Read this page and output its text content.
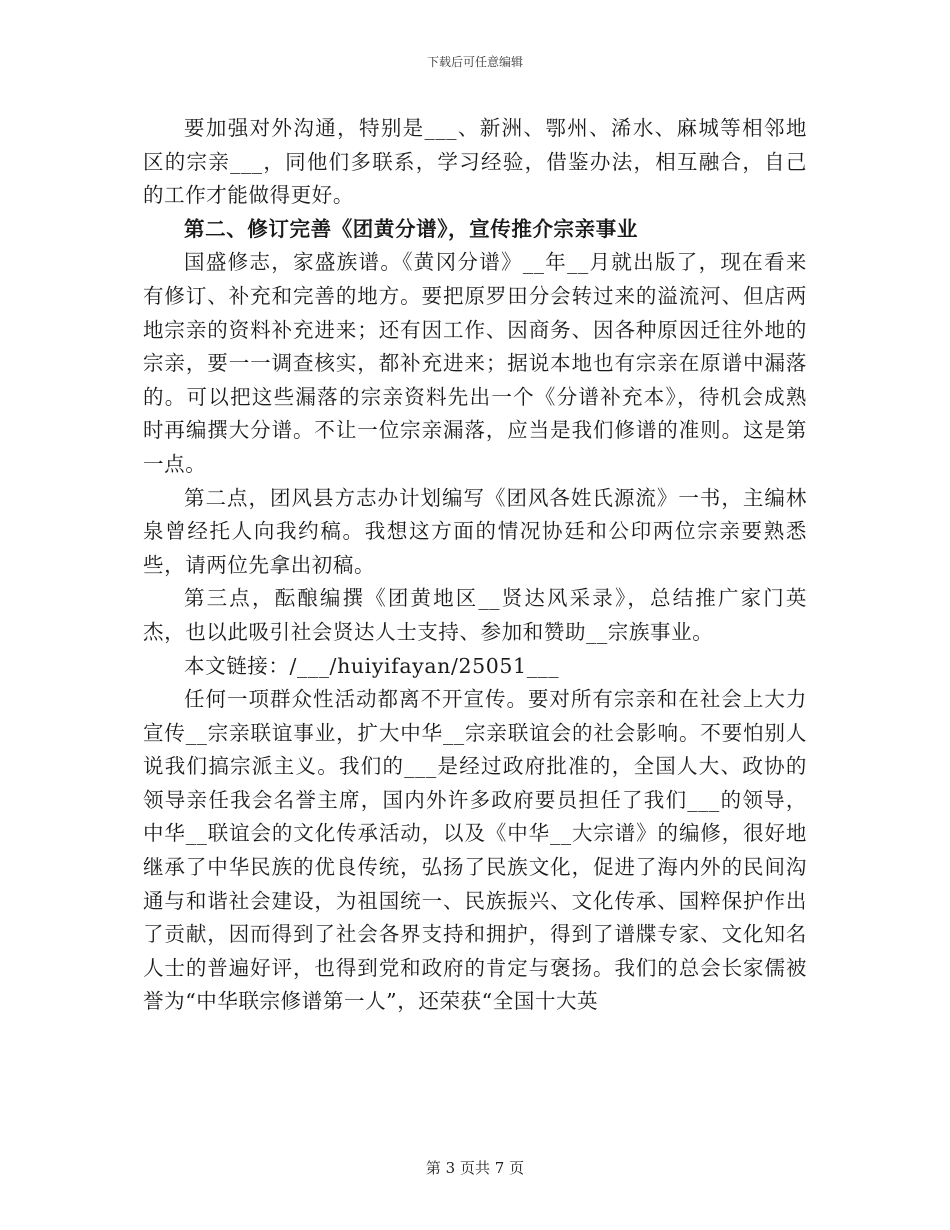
下载后可任意编辑

要加强对外沟通，特别是___、新洲、鄂州、浠水、麻城等相邻地区的宗亲___，同他们多联系，学习经验，借鉴办法，相互融合，自己的工作才能做得更好。

第二、修订完善《团黄分谱》，宣传推介宗亲事业

国盛修志，家盛族谱。《黄冈分谱》__年__月就出版了，现在看来有修订、补充和完善的地方。要把原罗田分会转过来的溢流河、但店两地宗亲的资料补充进来；还有因工作、因商务、因各种原因迁往外地的宗亲，要一一调查核实，都补充进来；据说本地也有宗亲在原谱中漏落的。可以把这些漏落的宗亲资料先出一个《分谱补充本》，待机会成熟时再编撰大分谱。不让一位宗亲漏落，应当是我们修谱的准则。这是第一点。

第二点，团风县方志办计划编写《团风各姓氏源流》一书，主编林泉曾经托人向我约稿。我想这方面的情况协廷和公印两位宗亲要熟悉些，请两位先拿出初稿。

第三点，酝酿编撰《团黄地区__贤达风采录》，总结推广家门英杰，也以此吸引社会贤达人士支持、参加和赞助__宗族事业。

本文链接：/___/huiyifayan/25051___

任何一项群众性活动都离不开宣传。要对所有宗亲和在社会上大力宣传__宗亲联谊事业，扩大中华__宗亲联谊会的社会影响。不要怕别人说我们搞宗派主义。我们的___是经过政府批准的，全国人大、政协的领导亲任我会名誉主席，国内外许多政府要员担任了我们___的领导，中华__联谊会的文化传承活动，以及《中华__大宗谱》的编修，很好地继承了中华民族的优良传统，弘扬了民族文化，促进了海内外的民间沟通与和谐社会建设，为祖国统一、民族振兴、文化传承、国粹保护作出了贡献，因而得到了社会各界支持和拥护，得到了谱牒专家、文化知名人士的普遍好评，也得到党和政府的肯定与褒扬。我们的总会长家儒被誉为“中华联宗修谱第一人”，还荣获“全国十大英

第 3 页共 7 页
